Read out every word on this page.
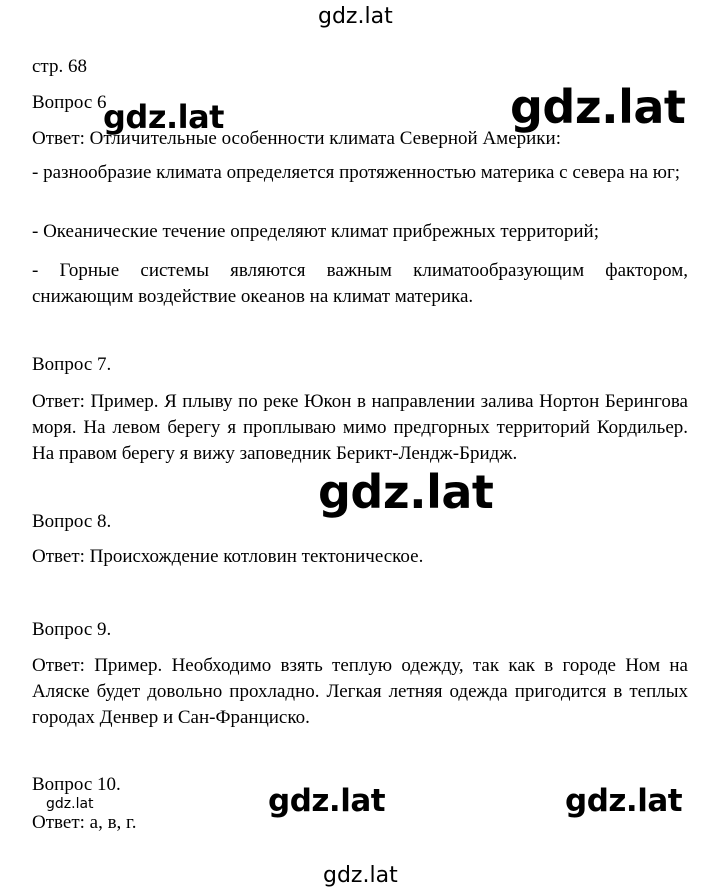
gdz.lat
стр. 68
Вопрос 6
gdz.lat	gdz.lat
Ответ: Отличительные особенности климата Северной Америки:
- разнообразие климата определяется протяженностью материка с севера на юг;
- Океанические течение определяют климат прибрежных территорий;
- Горные системы являются важным климатообразующим фактором, снижающим воздействие океанов на климат материка.
Вопрос 7.
Ответ: Пример. Я плыву по реке Юкон в направлении залива Нортон Берингова моря. На левом берегу я проплываю мимо предгорных территорий Кордильер. На правом берегу я вижу заповедник Берикт-Лендж-Бридж.
gdz.lat
Вопрос 8.
Ответ: Происхождение котловин тектоническое.
Вопрос 9.
Ответ: Пример. Необходимо взять теплую одежду, так как в городе Ном на Аляске будет довольно прохладно. Легкая летняя одежда пригодится в теплых городах Денвер и Сан-Франциско.
Вопрос 10.
gdz.lat
Ответ: а, в, г.
gdz.lat	gdz.lat
gdz.lat
